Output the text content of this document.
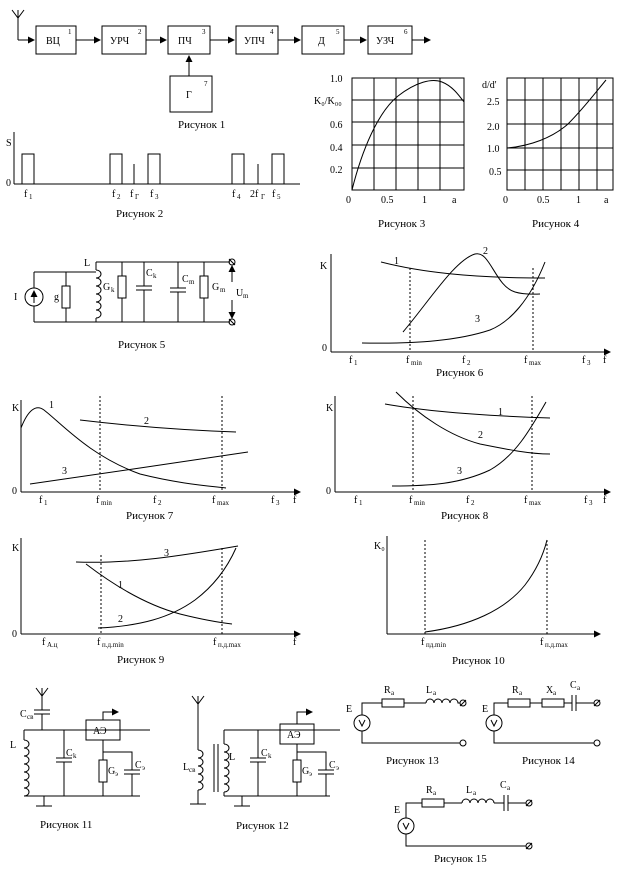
ВЦ
1
УРЧ
2
ПЧ
3
УПЧ
4
Д
5
УЗЧ
6
Г
7
Рисунок 1
S
0
f 1	f 2 f Г f 3	f 4 2f Г f 5
Рисунок 2
K₀/K₀₀
1.0
0.6
0.4
0.2
0	0.5	1	a
Рисунок 3
d/d'
2.5
2.0
1.0
0.5
0	0.5	1 a
Рисунок 4
I	g
L
G k
C k	C m G m U m
Рисунок 5
K
0
1
2
3
f 1	f min	f 2	f max	f 3 f
Рисунок 6
K
0
1
2
3
f 1	f min	f 2	f max	f 3 f
Рисунок 7
K
0
1
2
3
f 1	f min	f 2	f max	f 3 f
Рисунок 8
K
0
3
1
2
f A.ц	f п.д.min	f п.д.max	f
Рисунок 9
K₀
f пд.min	f п.д.max
Рисунок 10
C св
L
C k
АЭ
G э
C э
Рисунок 11
L св
L	C k
АЭ
G э
C э
Рисунок 12
E
R a	L a
Рисунок 13
E
R a X a
C a
Рисунок 14
E
R a	L a
C a
Рисунок 15
